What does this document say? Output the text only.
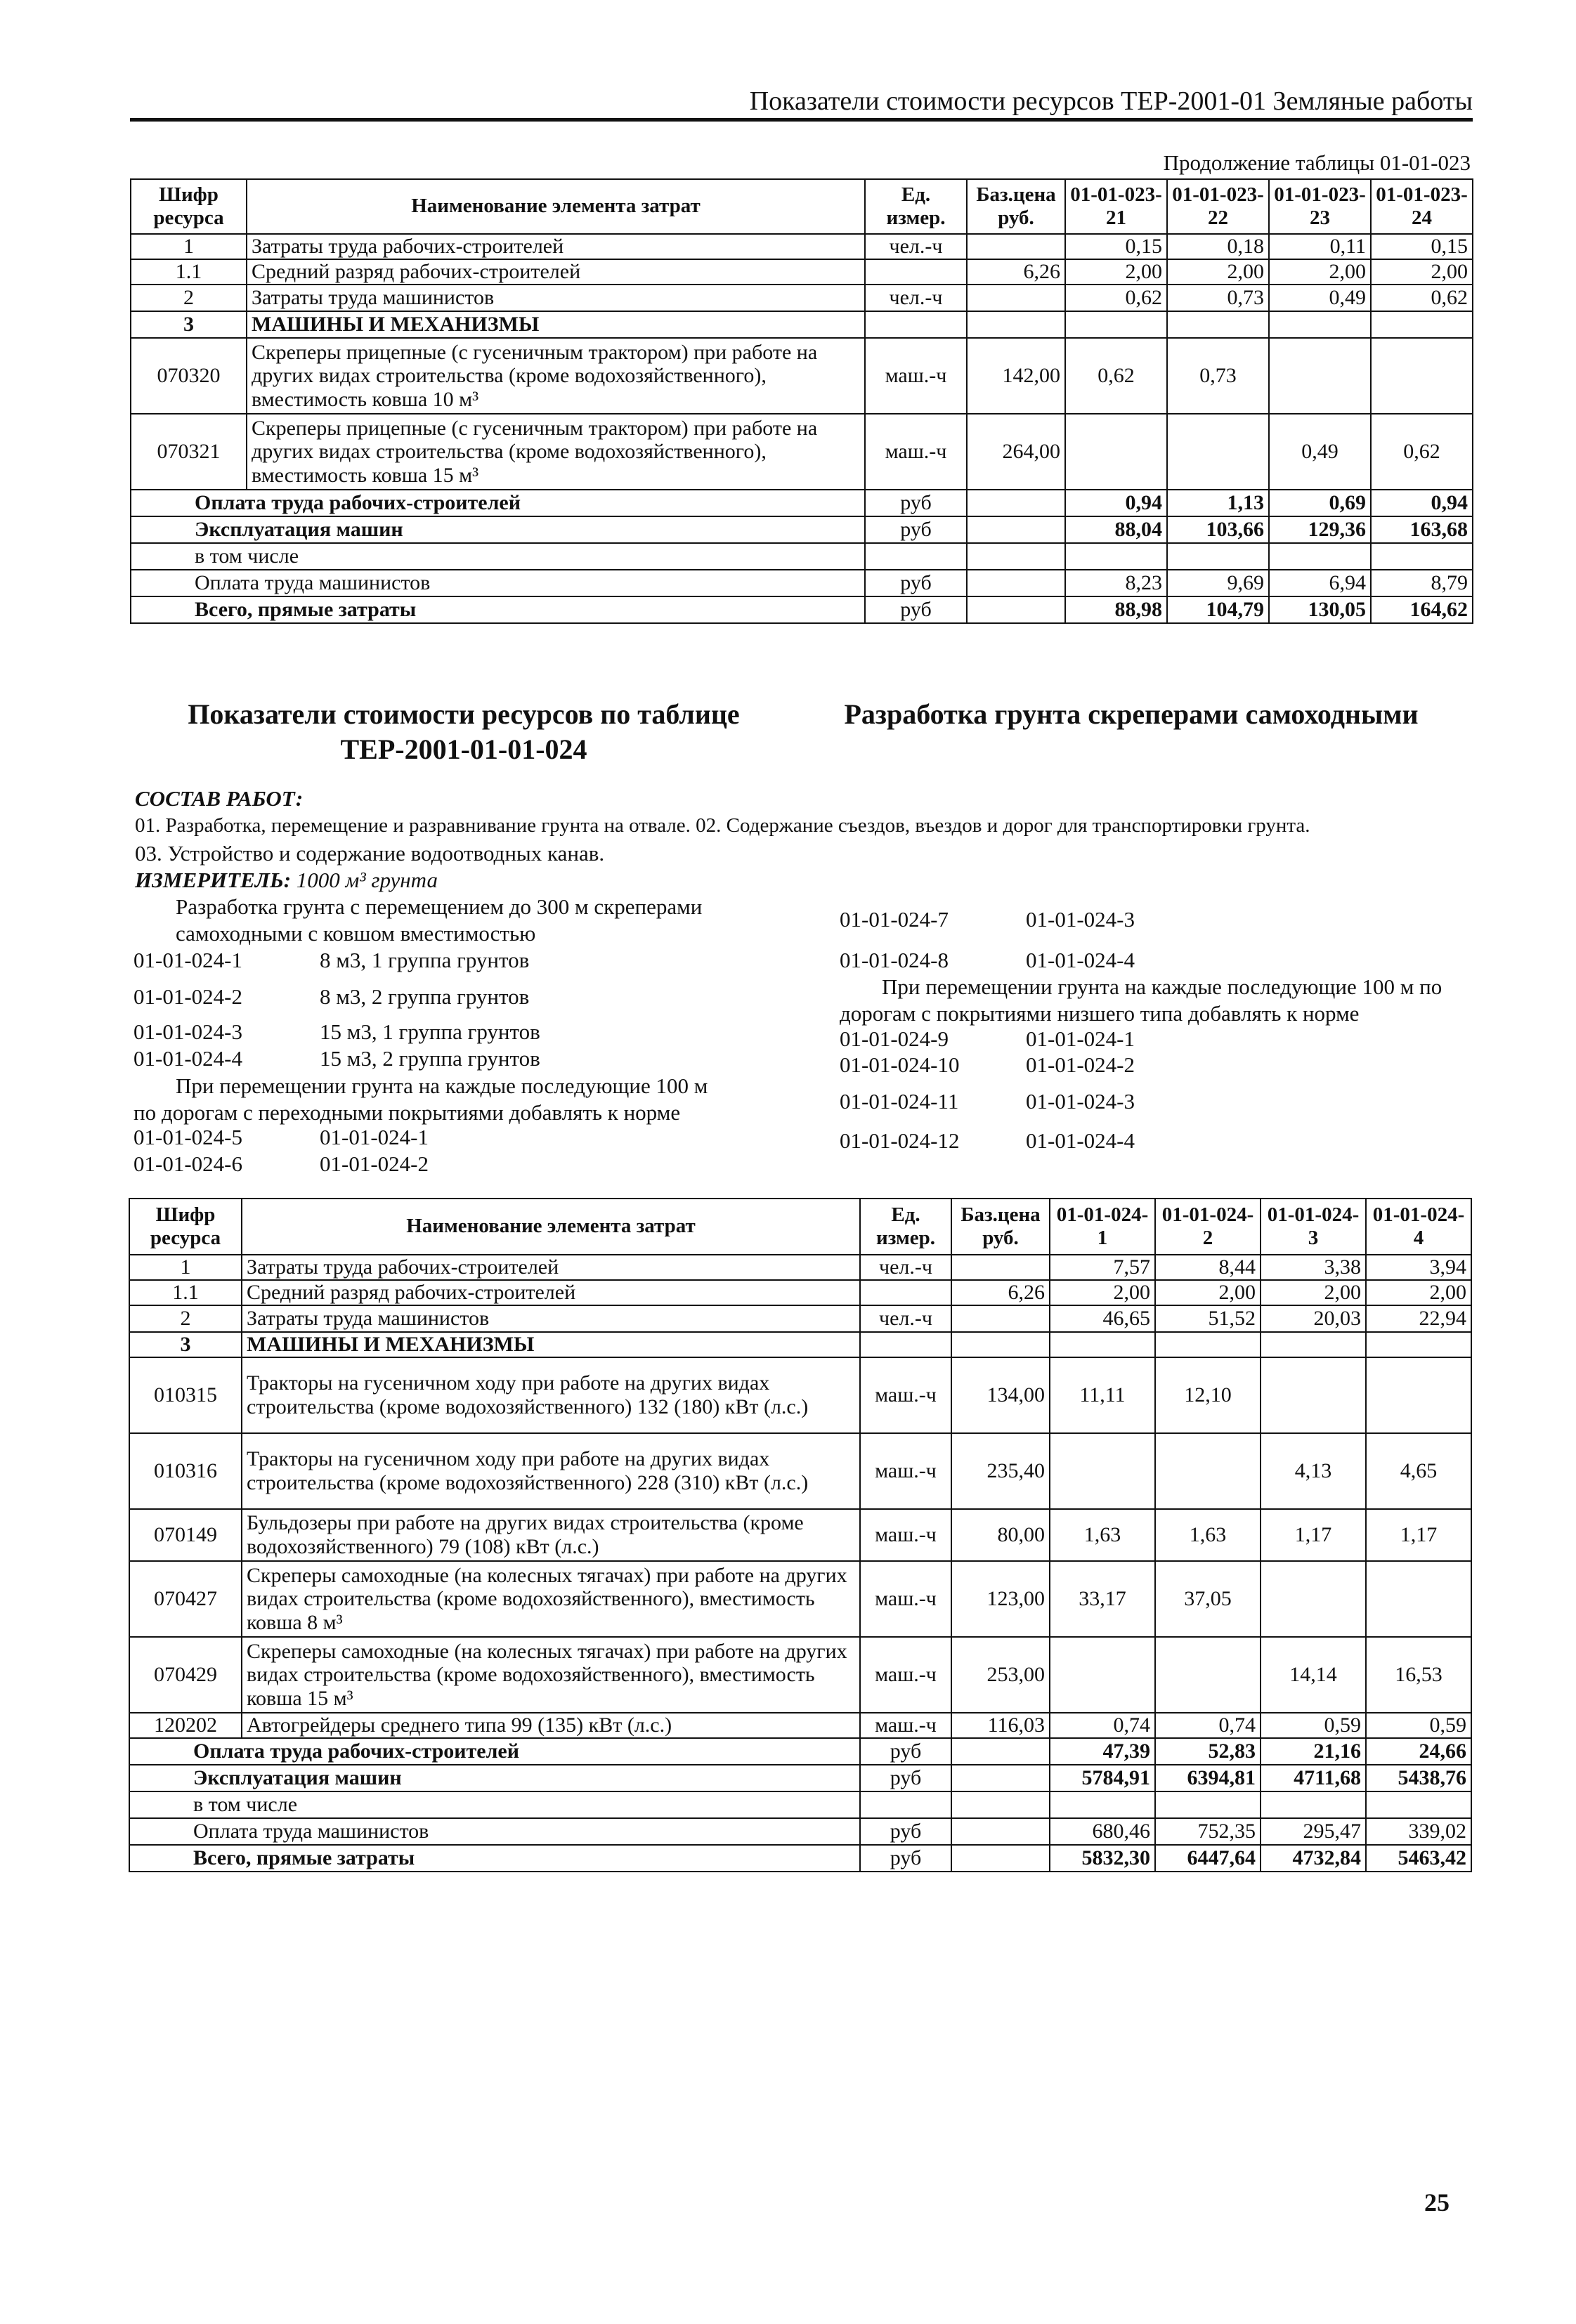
Показатели стоимости ресурсов ТЕР-2001-01 Земляные работы
Продолжение таблицы 01-01-023
Шифр ресурса	Наименование элемента затрат	Ед. измер.	Баз.цена руб.	01-01-023-21	01-01-023-22	01-01-023-23	01-01-023-24
1	Затраты труда рабочих-строителей	чел.-ч		0,15	0,18	0,11	0,15
1.1	Средний разряд рабочих-строителей		6,26	2,00	2,00	2,00	2,00
2	Затраты труда машинистов	чел.-ч		0,62	0,73	0,49	0,62
3	МАШИНЫ И МЕХАНИЗМЫ						
070320	Скреперы прицепные (с гусеничным трактором) при работе на других видах строительства (кроме водохозяйственного), вместимость ковша 10 м³	маш.-ч	142,00	0,62	0,73		
070321	Скреперы прицепные (с гусеничным трактором) при работе на других видах строительства (кроме водохозяйственного), вместимость ковша 15 м³	маш.-ч	264,00			0,49	0,62
Оплата труда рабочих-строителей		руб		0,94	1,13	0,69	0,94
Эксплуатация машин		руб		88,04	103,66	129,36	163,68
в том числе							
Оплата труда машинистов		руб		8,23	9,69	6,94	8,79
Всего, прямые затраты		руб		88,98	104,79	130,05	164,62
Показатели стоимости ресурсов по таблице ТЕР-2001-01-01-024
Разработка грунта скреперами самоходными
СОСТАВ РАБОТ:
01. Разработка, перемещение и разравнивание грунта на отвале. 02. Содержание съездов, въездов и дорог для транспортировки грунта.
03. Устройство и содержание водоотводных канав.
ИЗМЕРИТЕЛЬ: 1000 м³ грунта
Разработка грунта с перемещением до 300 м скреперами
самоходными с ковшом вместимостью
01-01-024-1	8 м3, 1 группа грунтов
01-01-024-2	8 м3, 2 группа грунтов
01-01-024-3	15 м3, 1 группа грунтов
01-01-024-4	15 м3, 2 группа грунтов
При перемещении грунта на каждые последующие 100 м
по дорогам с переходными покрытиями добавлять к норме
01-01-024-5	01-01-024-1
01-01-024-6	01-01-024-2
01-01-024-7	01-01-024-3
01-01-024-8	01-01-024-4
При перемещении грунта на каждые последующие 100 м по
дорогам с покрытиями низшего типа добавлять к норме
01-01-024-9	01-01-024-1
01-01-024-10	01-01-024-2
01-01-024-11	01-01-024-3
01-01-024-12	01-01-024-4
Шифр ресурса	Наименование элемента затрат	Ед. измер.	Баз.цена руб.	01-01-024-1	01-01-024-2	01-01-024-3	01-01-024-4
1	Затраты труда рабочих-строителей	чел.-ч		7,57	8,44	3,38	3,94
1.1	Средний разряд рабочих-строителей		6,26	2,00	2,00	2,00	2,00
2	Затраты труда машинистов	чел.-ч		46,65	51,52	20,03	22,94
3	МАШИНЫ И МЕХАНИЗМЫ						
010315	Тракторы на гусеничном ходу при работе на других видах строительства (кроме водохозяйственного) 132 (180) кВт (л.с.)	маш.-ч	134,00	11,11	12,10		
010316	Тракторы на гусеничном ходу при работе на других видах строительства (кроме водохозяйственного) 228 (310) кВт (л.с.)	маш.-ч	235,40			4,13	4,65
070149	Бульдозеры при работе на других видах строительства (кроме водохозяйственного) 79 (108) кВт (л.с.)	маш.-ч	80,00	1,63	1,63	1,17	1,17
070427	Скреперы самоходные (на колесных тягачах) при работе на других видах строительства (кроме водохозяйственного), вместимость ковша 8 м³	маш.-ч	123,00	33,17	37,05		
070429	Скреперы самоходные (на колесных тягачах) при работе на других видах строительства (кроме водохозяйственного), вместимость ковша 15 м³	маш.-ч	253,00			14,14	16,53
120202	Автогрейдеры среднего типа 99 (135) кВт (л.с.)	маш.-ч	116,03	0,74	0,74	0,59	0,59
Оплата труда рабочих-строителей		руб		47,39	52,83	21,16	24,66
Эксплуатация машин		руб		5784,91	6394,81	4711,68	5438,76
в том числе							
Оплата труда машинистов		руб		680,46	752,35	295,47	339,02
Всего, прямые затраты		руб		5832,30	6447,64	4732,84	5463,42
25
